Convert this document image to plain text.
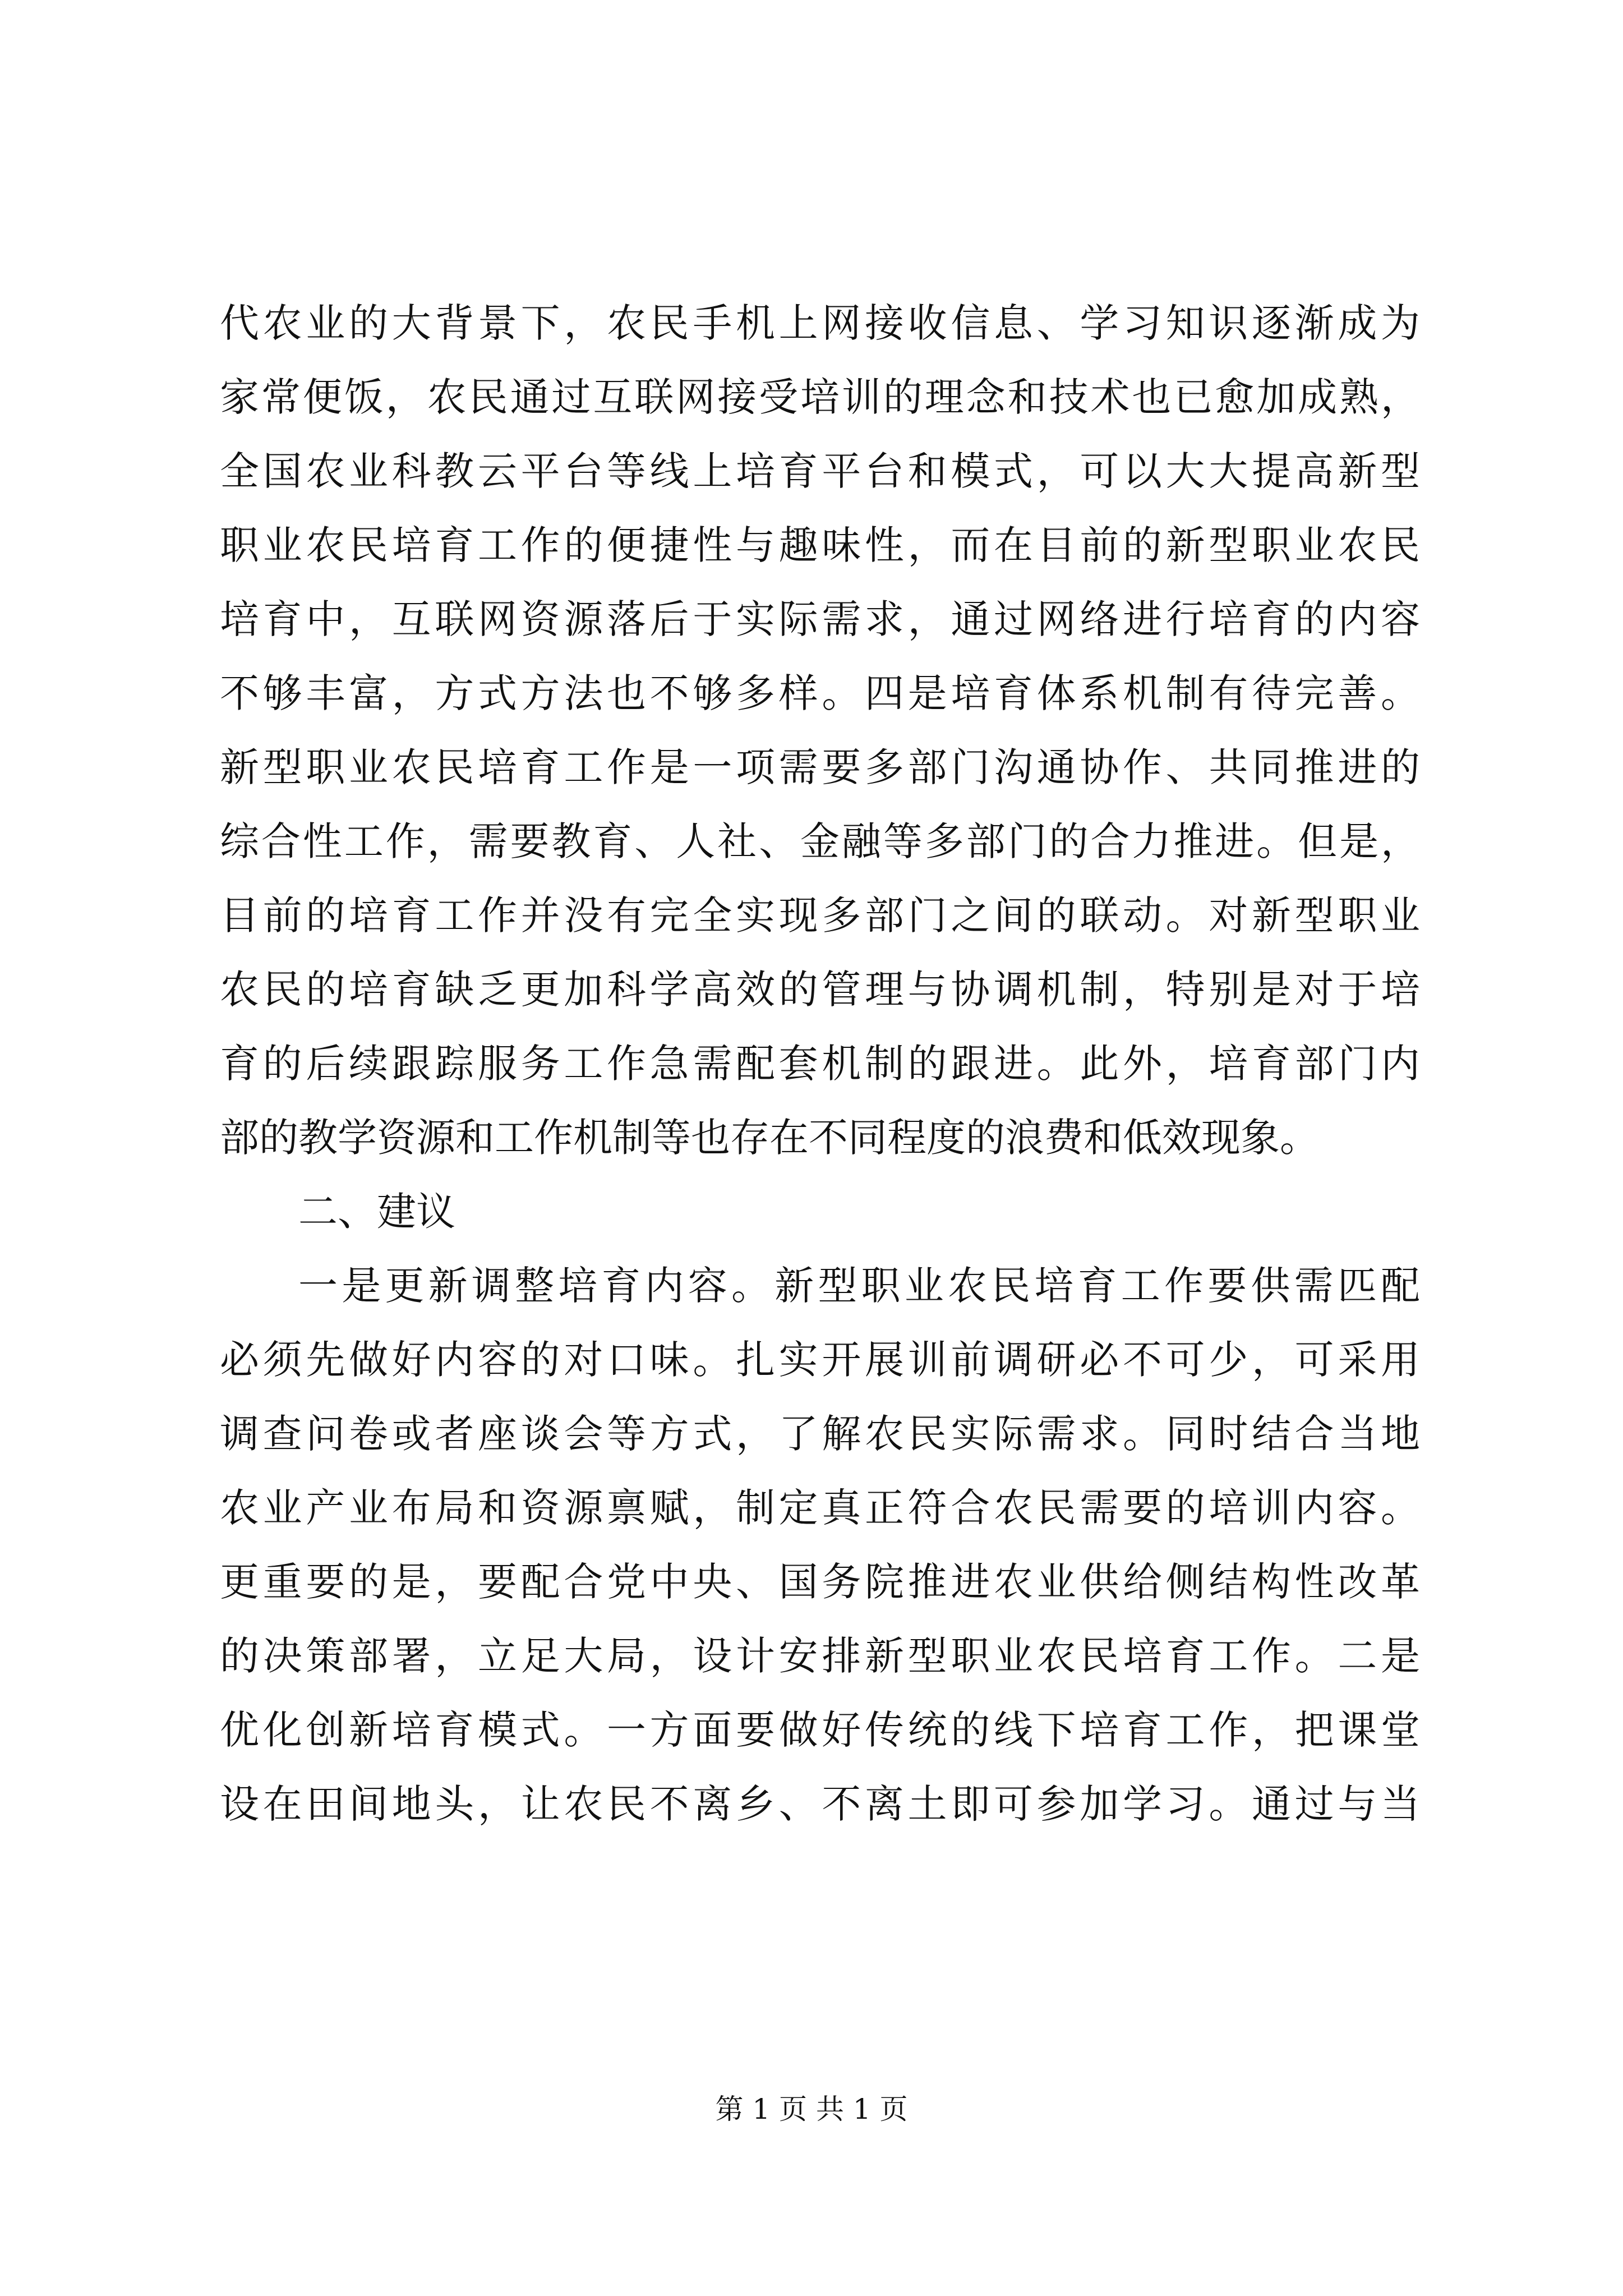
代农业的大背景下，农民手机上网接收信息、学习知识逐渐成为
家常便饭，农民通过互联网接受培训的理念和技术也已愈加成熟，
全国农业科教云平台等线上培育平台和模式，可以大大提高新型
职业农民培育工作的便捷性与趣味性，而在目前的新型职业农民
培育中，互联网资源落后于实际需求，通过网络进行培育的内容
不够丰富，方式方法也不够多样。四是培育体系机制有待完善。
新型职业农民培育工作是一项需要多部门沟通协作、共同推进的
综合性工作，需要教育、人社、金融等多部门的合力推进。但是，
目前的培育工作并没有完全实现多部门之间的联动。对新型职业
农民的培育缺乏更加科学高效的管理与协调机制，特别是对于培
育的后续跟踪服务工作急需配套机制的跟进。此外，培育部门内
部的教学资源和工作机制等也存在不同程度的浪费和低效现象。
二、建议
一是更新调整培育内容。新型职业农民培育工作要供需匹配
必须先做好内容的对口味。扎实开展训前调研必不可少，可采用
调查问卷或者座谈会等方式，了解农民实际需求。同时结合当地
农业产业布局和资源禀赋，制定真正符合农民需要的培训内容。
更重要的是，要配合党中央、国务院推进农业供给侧结构性改革
的决策部署，立足大局，设计安排新型职业农民培育工作。二是
优化创新培育模式。一方面要做好传统的线下培育工作，把课堂
设在田间地头，让农民不离乡、不离土即可参加学习。通过与当
第 1 页 共 1 页
